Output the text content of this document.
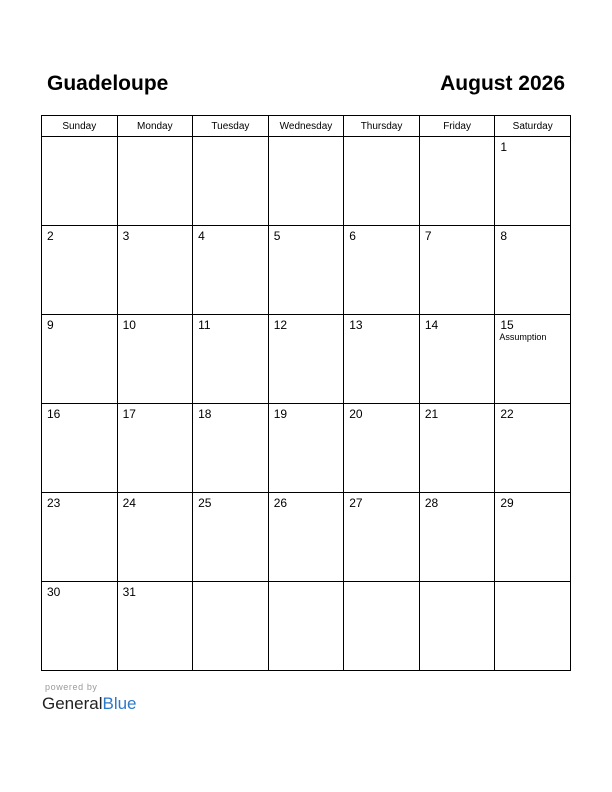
Guadeloupe	August 2026
Sunday	Monday	Tuesday	Wednesday	Thursday	Friday	Saturday

						1

2	3	4	5	6	7	8

9	10	11	12	13	14	15
Assumption

16	17	18	19	20	21	22

23	24	25	26	27	28	29

30	31					

powered by
GeneralBlue
